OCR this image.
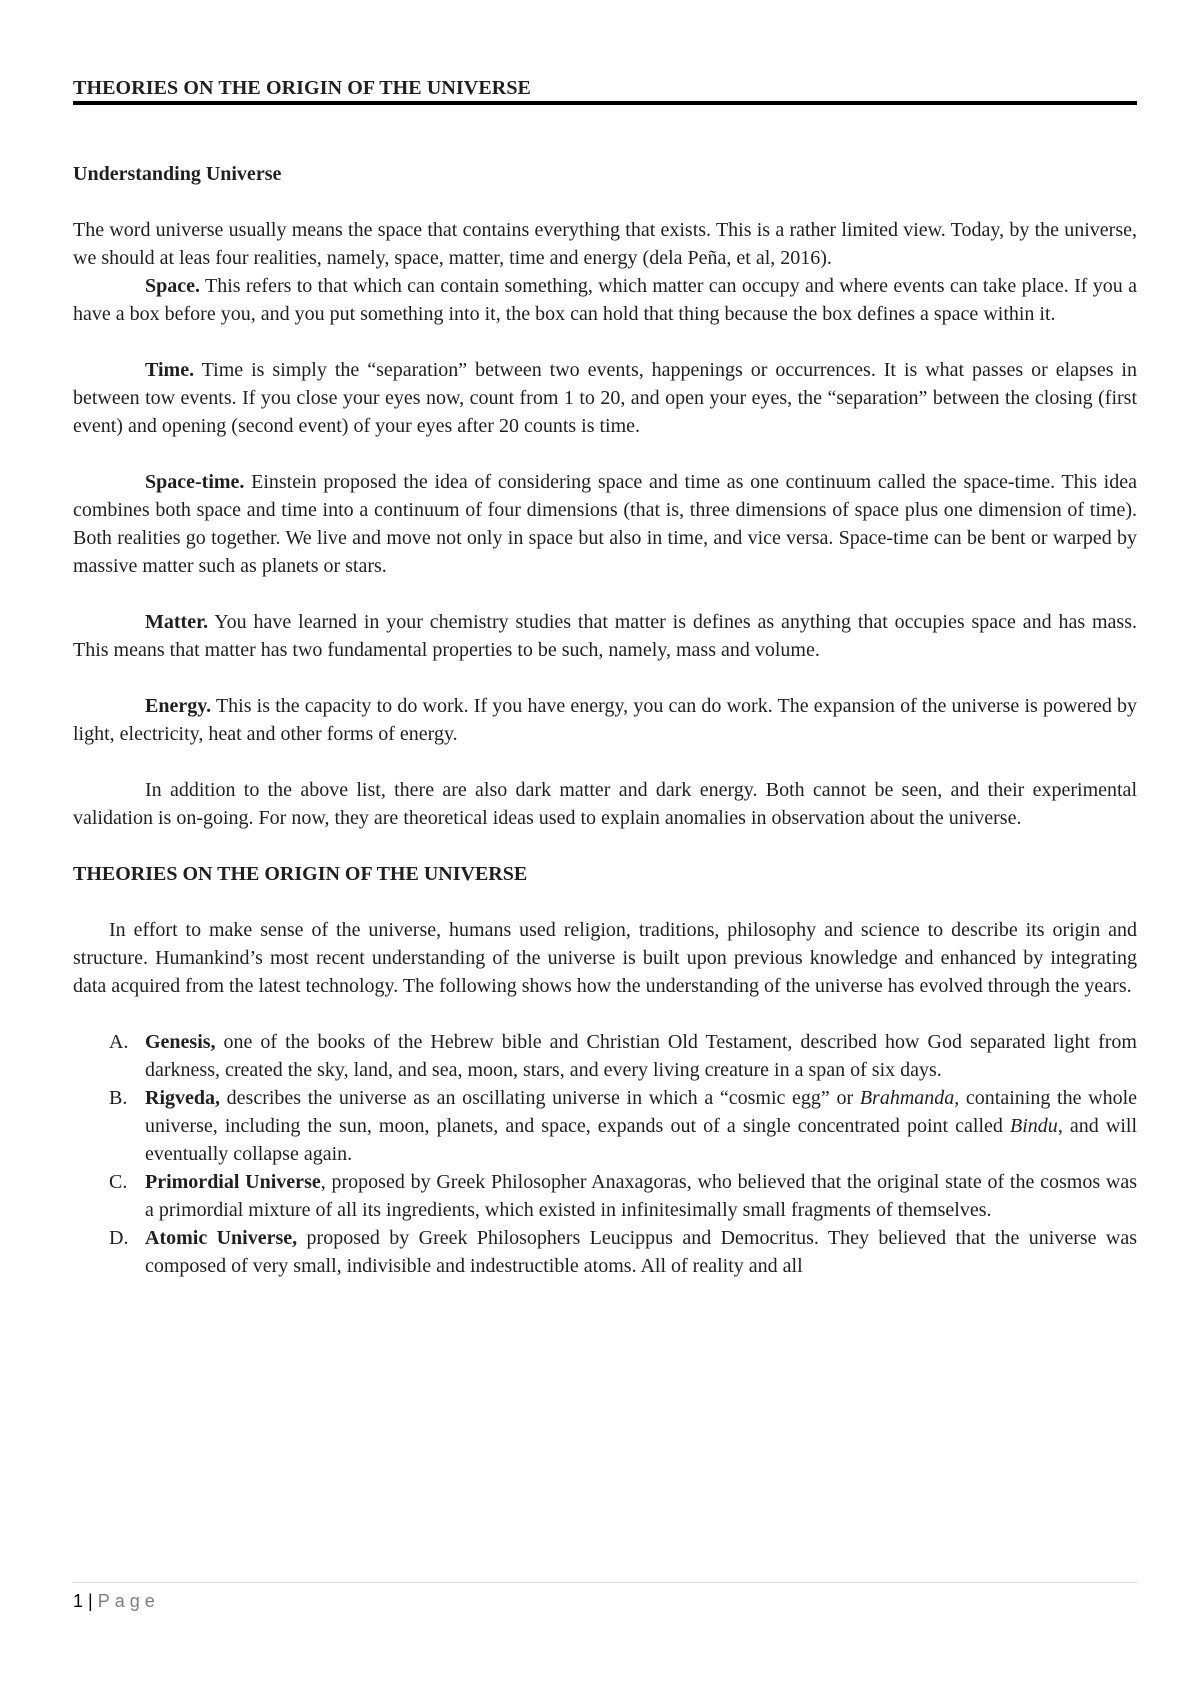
THEORIES ON THE ORIGIN OF THE UNIVERSE

Understanding Universe

The word universe usually means the space that contains everything that exists. This is a rather limited view. Today, by the universe, we should at leas four realities, namely, space, matter, time and energy (dela Peña, et al, 2016).

Space. This refers to that which can contain something, which matter can occupy and where events can take place. If you a have a box before you, and you put something into it, the box can hold that thing because the box defines a space within it.

Time. Time is simply the “separation” between two events, happenings or occurrences. It is what passes or elapses in between tow events. If you close your eyes now, count from 1 to 20, and open your eyes, the “separation” between the closing (first event) and opening (second event) of your eyes after 20 counts is time.

Space-time. Einstein proposed the idea of considering space and time as one continuum called the space-time. This idea combines both space and time into a continuum of four dimensions (that is, three dimensions of space plus one dimension of time). Both realities go together. We live and move not only in space but also in time, and vice versa. Space-time can be bent or warped by massive matter such as planets or stars.

Matter. You have learned in your chemistry studies that matter is defines as anything that occupies space and has mass. This means that matter has two fundamental properties to be such, namely, mass and volume.

Energy. This is the capacity to do work. If you have energy, you can do work. The expansion of the universe is powered by light, electricity, heat and other forms of energy.

In addition to the above list, there are also dark matter and dark energy. Both cannot be seen, and their experimental validation is on-going. For now, they are theoretical ideas used to explain anomalies in observation about the universe.

THEORIES ON THE ORIGIN OF THE UNIVERSE

In effort to make sense of the universe, humans used religion, traditions, philosophy and science to describe its origin and structure. Humankind’s most recent understanding of the universe is built upon previous knowledge and enhanced by integrating data acquired from the latest technology. The following shows how the understanding of the universe has evolved through the years.

A. Genesis, one of the books of the Hebrew bible and Christian Old Testament, described how God separated light from darkness, created the sky, land, and sea, moon, stars, and every living creature in a span of six days.
B. Rigveda, describes the universe as an oscillating universe in which a “cosmic egg” or Brahmanda, containing the whole universe, including the sun, moon, planets, and space, expands out of a single concentrated point called Bindu, and will eventually collapse again.
C. Primordial Universe, proposed by Greek Philosopher Anaxagoras, who believed that the original state of the cosmos was a primordial mixture of all its ingredients, which existed in infinitesimally small fragments of themselves.
D. Atomic Universe, proposed by Greek Philosophers Leucippus and Democritus. They believed that the universe was composed of very small, indivisible and indestructible atoms. All of reality and all
1 | Page
